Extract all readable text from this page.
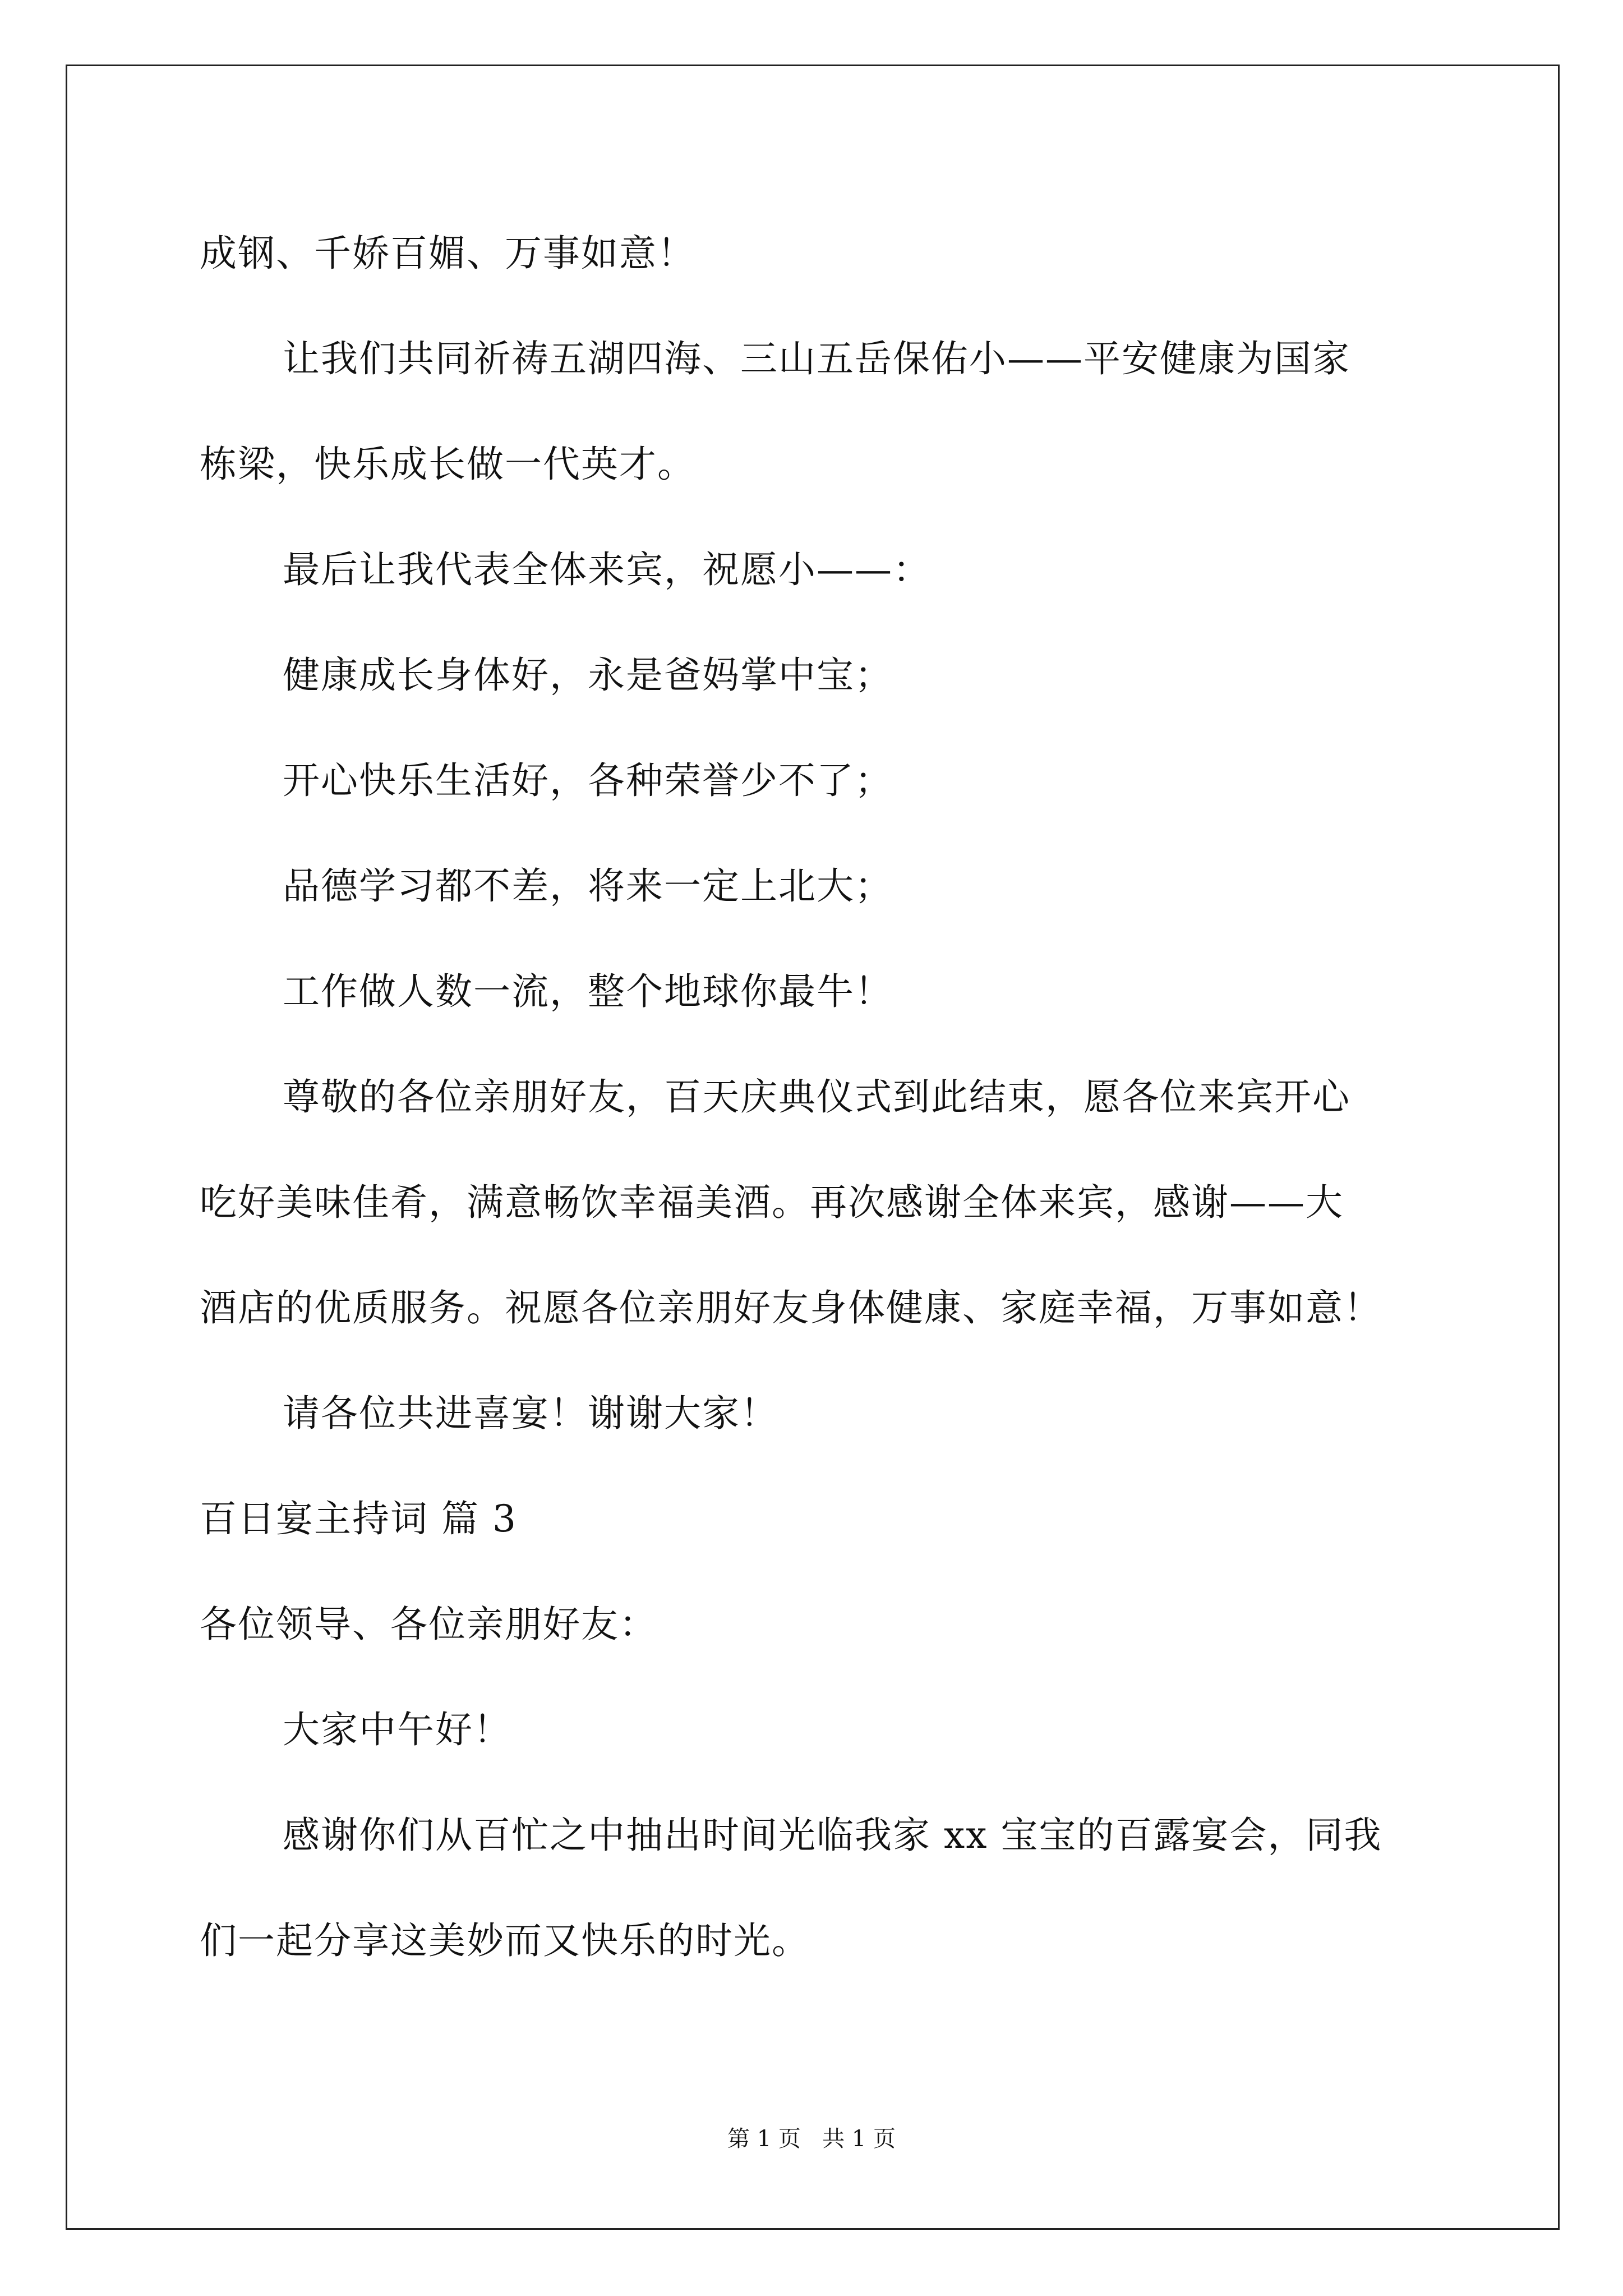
成钢、千娇百媚、万事如意！
让我们共同祈祷五湖四海、三山五岳保佑小——平安健康为国家
栋梁，快乐成长做一代英才。
最后让我代表全体来宾，祝愿小——：
健康成长身体好，永是爸妈掌中宝；
开心快乐生活好，各种荣誉少不了；
品德学习都不差，将来一定上北大；
工作做人数一流，整个地球你最牛！
尊敬的各位亲朋好友，百天庆典仪式到此结束，愿各位来宾开心
吃好美味佳肴，满意畅饮幸福美酒。再次感谢全体来宾，感谢——大
酒店的优质服务。祝愿各位亲朋好友身体健康、家庭幸福，万事如意！
请各位共进喜宴！谢谢大家！
百日宴主持词 篇 3
各位领导、各位亲朋好友：
大家中午好！
感谢你们从百忙之中抽出时间光临我家 xx 宝宝的百露宴会，同我
们一起分享这美妙而又快乐的时光。
第 1 页   共 1 页
